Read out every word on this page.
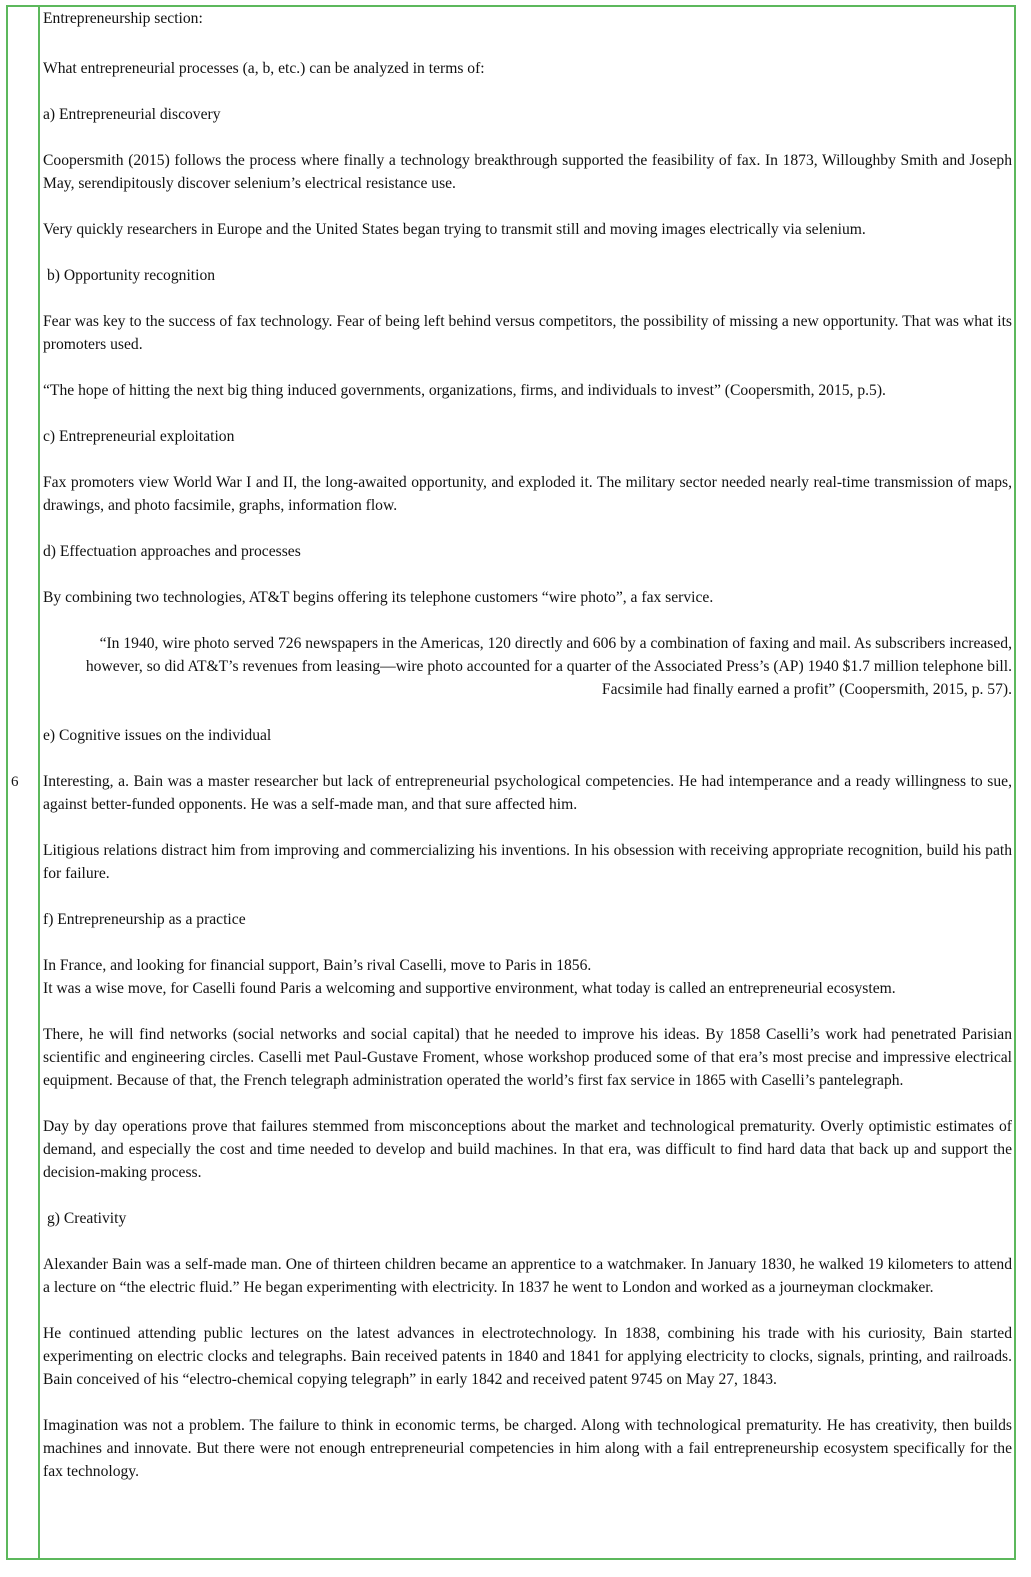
6	

Entrepreneurship section:

What entrepreneurial processes (a, b, etc.) can be analyzed in terms of:

a) Entrepreneurial discovery

Coopersmith (2015) follows the process where finally a technology breakthrough supported the feasibility of fax. In 1873, Willoughby Smith and Joseph May, serendipitously discover selenium’s electrical resistance use.

Very quickly researchers in Europe and the United States began trying to transmit still and moving images electrically via selenium.

b) Opportunity recognition

Fear was key to the success of fax technology. Fear of being left behind versus competitors, the possibility of missing a new opportunity. That was what its promoters used.

“The hope of hitting the next big thing induced governments, organizations, firms, and individuals to invest” (Coopersmith, 2015, p.5).

c) Entrepreneurial exploitation

Fax promoters view World War I and II, the long-awaited opportunity, and exploded it. The military sector needed nearly real-time transmission of maps, drawings, and photo facsimile, graphs, information flow.

d) Effectuation approaches and processes

By combining two technologies, AT&T begins offering its telephone customers “wire photo”, a fax service.

“In 1940, wire photo served 726 newspapers in the Americas, 120 directly and 606 by a combination of faxing and mail. As subscribers increased, however, so did AT&T’s revenues from leasing—wire photo accounted for a quarter of the Associated Press’s (AP) 1940 $1.7 million telephone bill. Facsimile had finally earned a profit” (Coopersmith, 2015, p. 57).

e) Cognitive issues on the individual

Interesting, a. Bain was a master researcher but lack of entrepreneurial psychological competencies. He had intemperance and a ready willingness to sue, against better-funded opponents. He was a self-made man, and that sure affected him.

Litigious relations distract him from improving and commercializing his inventions. In his obsession with receiving appropriate recognition, build his path for failure.

f) Entrepreneurship as a practice

In France, and looking for financial support, Bain’s rival Caselli, move to Paris in 1856.
It was a wise move, for Caselli found Paris a welcoming and supportive environment, what today is called an entrepreneurial ecosystem.

There, he will find networks (social networks and social capital) that he needed to improve his ideas. By 1858 Caselli’s work had penetrated Parisian scientific and engineering circles. Caselli met Paul-Gustave Froment, whose workshop produced some of that era’s most precise and impressive electrical equipment. Because of that, the French telegraph administration operated the world’s first fax service in 1865 with Caselli’s pantelegraph.

Day by day operations prove that failures stemmed from misconceptions about the market and technological prematurity. Overly optimistic estimates of demand, and especially the cost and time needed to develop and build machines. In that era, was difficult to find hard data that back up and support the decision-making process.

g) Creativity

Alexander Bain was a self-made man. One of thirteen children became an apprentice to a watchmaker. In January 1830, he walked 19 kilometers to attend a lecture on “the electric fluid.” He began experimenting with electricity. In 1837 he went to London and worked as a journeyman clockmaker.

He continued attending public lectures on the latest advances in electrotechnology. In 1838, combining his trade with his curiosity, Bain started experimenting on electric clocks and telegraphs. Bain received patents in 1840 and 1841 for applying electricity to clocks, signals, printing, and railroads. Bain conceived of his “electro-chemical copying telegraph” in early 1842 and received patent 9745 on May 27, 1843.

Imagination was not a problem. The failure to think in economic terms, be charged. Along with technological prematurity. He has creativity, then builds machines and innovate. But there were not enough entrepreneurial competencies in him along with a fail entrepreneurship ecosystem specifically for the fax technology.
